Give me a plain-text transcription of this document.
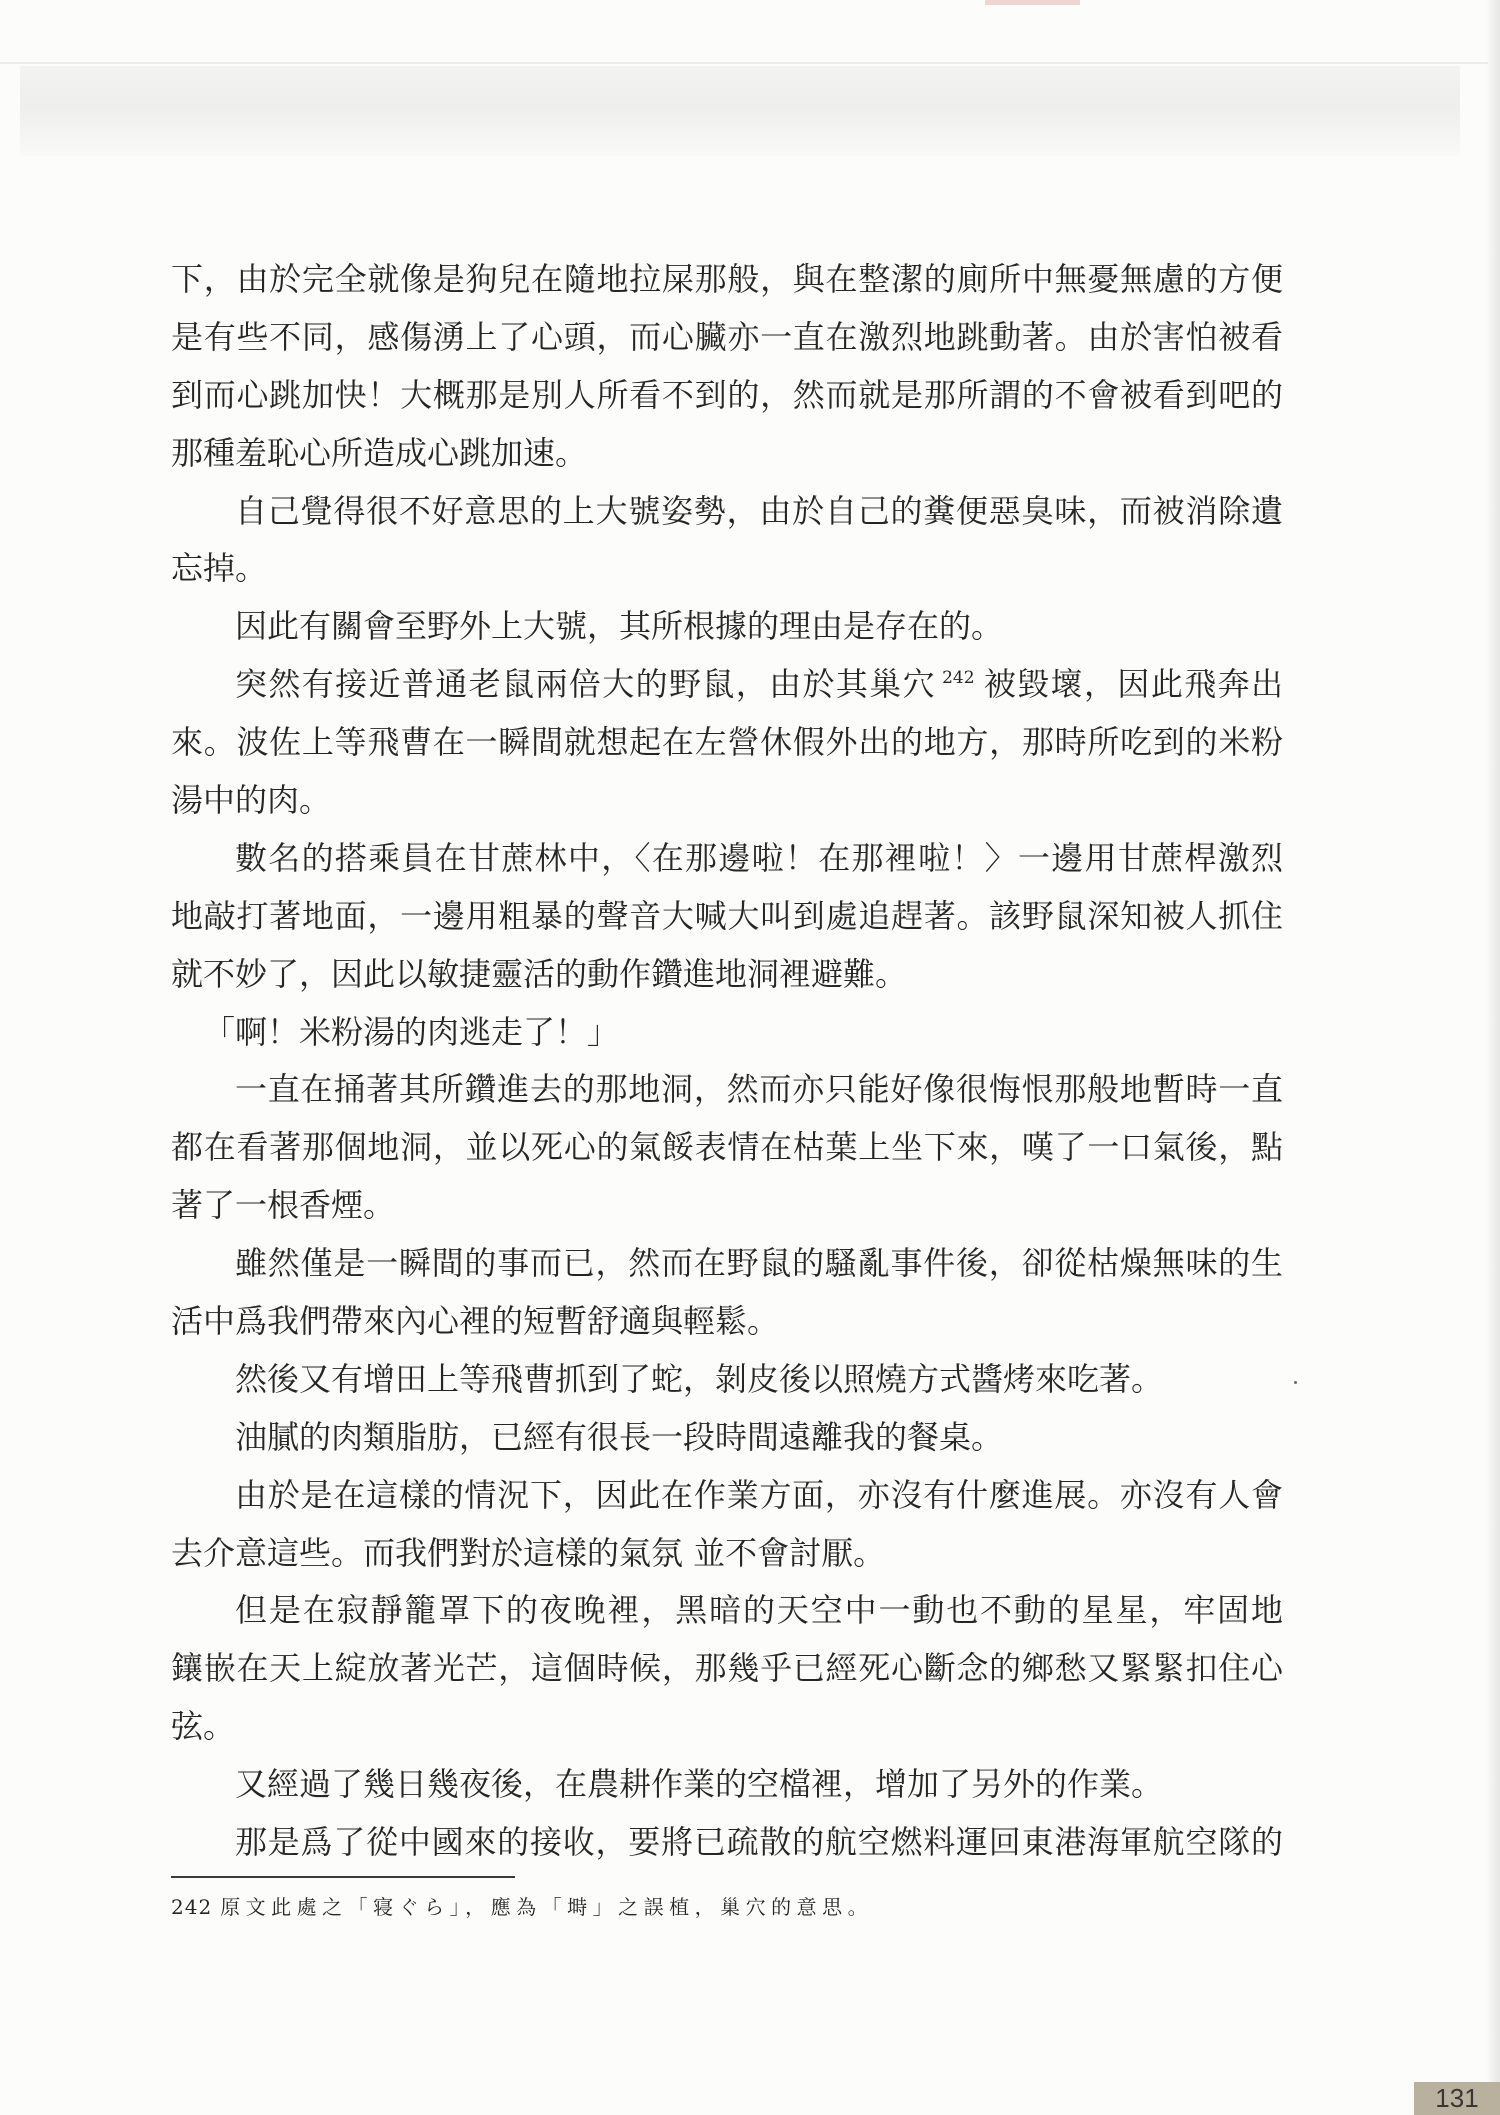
下，由於完全就像是狗兒在隨地拉屎那般，與在整潔的廁所中無憂無慮的方便
是有些不同，感傷湧上了心頭，而心臟亦一直在激烈地跳動著。由於害怕被看
到而心跳加快！大概那是別人所看不到的，然而就是那所謂的不會被看到吧的
那種羞恥心所造成心跳加速。
自己覺得很不好意思的上大號姿勢，由於自己的糞便惡臭味，而被消除遺
忘掉。
因此有關會至野外上大號，其所根據的理由是存在的。
突然有接近普通老鼠兩倍大的野鼠，由於其巢穴 $^{242}$ 被毀壞，因此飛奔出
來。波佐上等飛曹在一瞬間就想起在左營休假外出的地方，那時所吃到的米粉
湯中的肉。
數名的搭乘員在甘蔗林中，〈在那邊啦！在那裡啦！〉一邊用甘蔗桿激烈
地敲打著地面，一邊用粗暴的聲音大喊大叫到處追趕著。該野鼠深知被人抓住
就不妙了，因此以敏捷靈活的動作鑽進地洞裡避難。
「啊！米粉湯的肉逃走了！」
一直在捅著其所鑽進去的那地洞，然而亦只能好像很悔恨那般地暫時一直
都在看著那個地洞，並以死心的氣餒表情在枯葉上坐下來，嘆了一口氣後，點
著了一根香煙。
雖然僅是一瞬間的事而已，然而在野鼠的騷亂事件後，卻從枯燥無味的生
活中爲我們帶來內心裡的短暫舒適與輕鬆。
然後又有增田上等飛曹抓到了蛇，剝皮後以照燒方式醬烤來吃著。
油膩的肉類脂肪，已經有很長一段時間遠離我的餐桌。
由於是在這樣的情況下，因此在作業方面，亦沒有什麼進展。亦沒有人會
去介意這些。而我們對於這樣的氣氛 並不會討厭。
但是在寂靜籠罩下的夜晚裡，黑暗的天空中一動也不動的星星，牢固地
鑲嵌在天上綻放著光芒，這個時候，那幾乎已經死心斷念的鄉愁又緊緊扣住心
弦。
又經過了幾日幾夜後，在農耕作業的空檔裡，增加了另外的作業。
那是爲了從中國來的接收，要將已疏散的航空燃料運回東港海軍航空隊的
242 原文此處之「寝ぐら」，應為「塒」之誤植，巢穴的意思。
131
